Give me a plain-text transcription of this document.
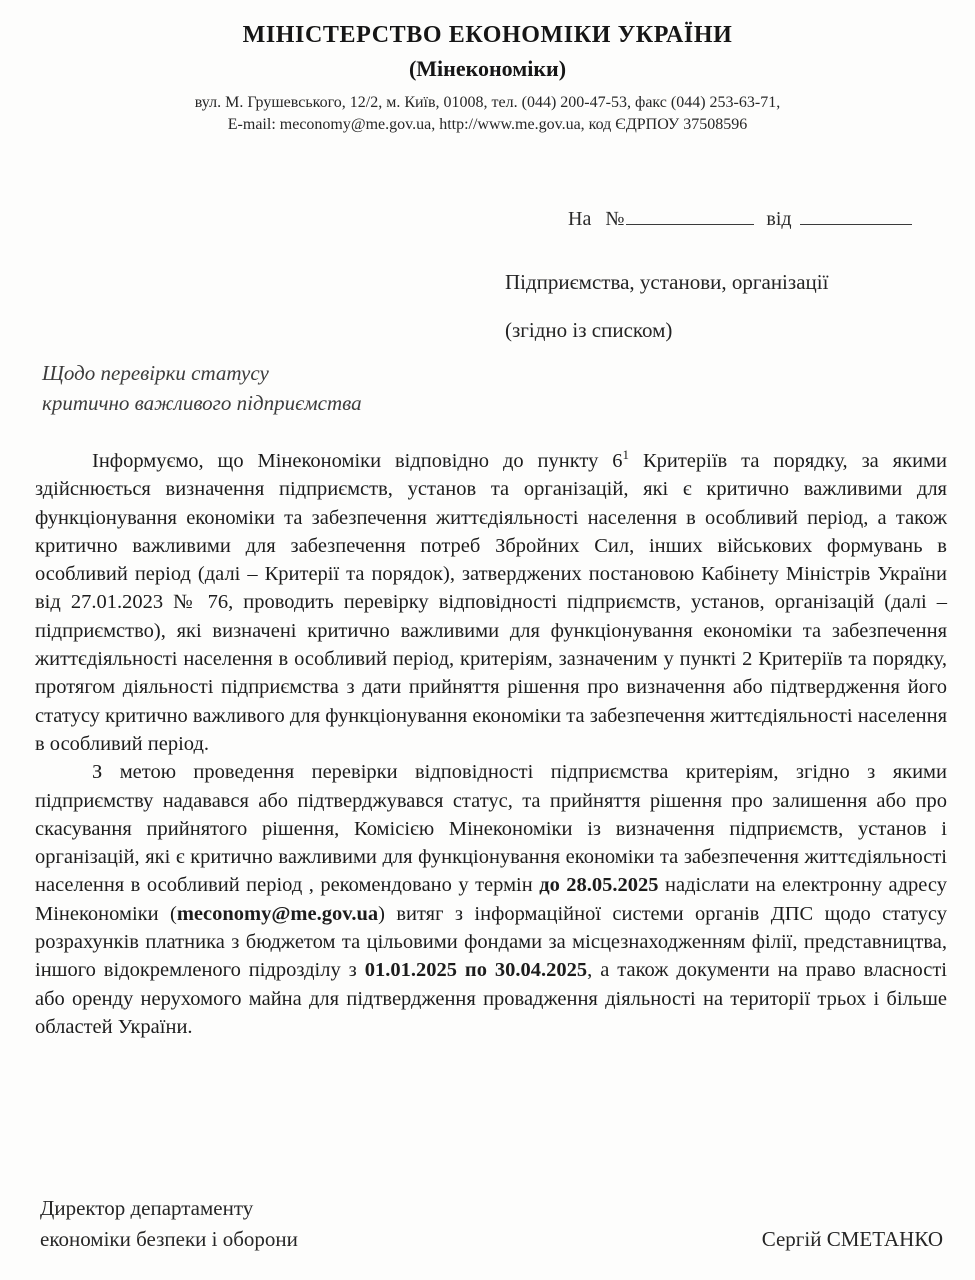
МІНІСТЕРСТВО ЕКОНОМІКИ УКРАЇНИ
(Мінекономіки)
вул. М. Грушевського, 12/2, м. Київ, 01008, тел. (044) 200-47-53, факс (044) 253-63-71,
E-mail: meconomy@me.gov.ua, http://www.me.gov.ua, код ЄДРПОУ 37508596
На №	від
Підприємства, установи, організації
(згідно із списком)
Щодо перевірки статусу
критично важливого підприємства

Інформуємо, що Мінекономіки відповідно до пункту $6^1$ Критеріїв та порядку, за якими здійснюється визначення підприємств, установ та організацій, які є критично важливими для функціонування економіки та забезпечення життєдіяльності населення в особливий період, а також критично важливими для забезпечення потреб Збройних Сил, інших військових формувань в особливий період (далі – Критерії та порядок), затверджених постановою Кабінету Міністрів України від 27.01.2023 № 76, проводить перевірку відповідності підприємств, установ, організацій (далі – підприємство), які визначені критично важливими для функціонування економіки та забезпечення життєдіяльності населення в особливий період, критеріям, зазначеним у пункті 2 Критеріїв та порядку, протягом діяльності підприємства з дати прийняття рішення про визначення або підтвердження його статусу критично важливого для функціонування економіки та забезпечення життєдіяльності населення в особливий період.

З метою проведення перевірки відповідності підприємства критеріям, згідно з якими підприємству надавався або підтверджувався статус, та прийняття рішення про залишення або про скасування прийнятого рішення, Комісією Мінекономіки із визначення підприємств, установ і організацій, які є критично важливими для функціонування економіки та забезпечення життєдіяльності населення в особливий період , рекомендовано у термін до 28.05.2025 надіслати на електронну адресу Мінекономіки (meconomy@me.gov.ua) витяг з інформаційної системи органів ДПС щодо статусу розрахунків платника з бюджетом та цільовими фондами за місцезнаходженням філії, представництва, іншого відокремленого підрозділу з 01.01.2025 по 30.04.2025, а також документи на право власності або оренду нерухомого майна для підтвердження провадження діяльності на території трьох і більше областей України.

Директор департаменту
економіки безпеки і оборони	Сергій СМЕТАНКО
